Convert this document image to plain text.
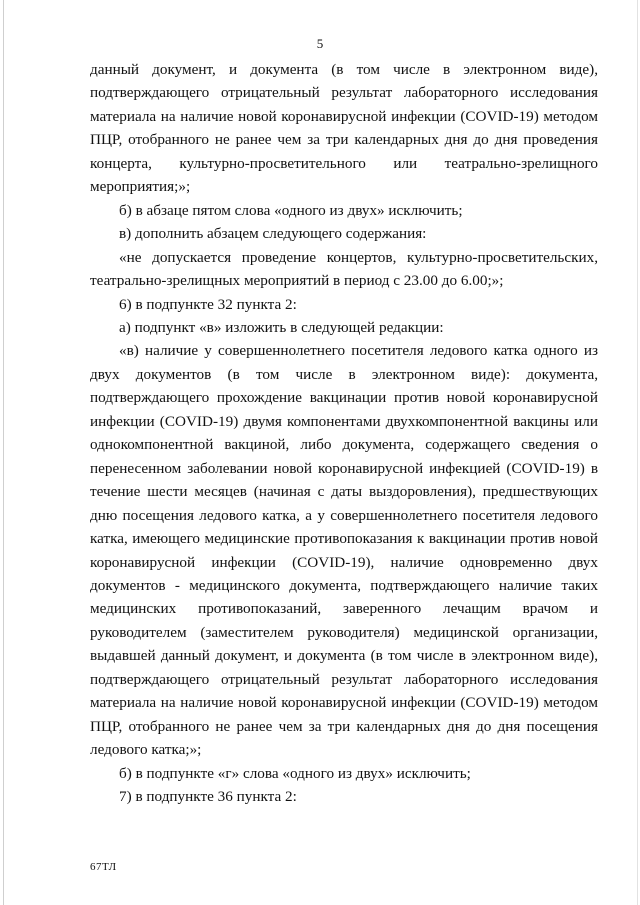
5

данный документ, и документа (в том числе в электронном виде), подтверждающего отрицательный результат лабораторного исследования материала на наличие новой коронавирусной инфекции (COVID-19) методом ПЦР, отобранного не ранее чем за три календарных дня до дня проведения концерта, культурно-просветительного или театрально-зрелищного мероприятия;»;

б) в абзаце пятом слова «одного из двух» исключить;

в) дополнить абзацем следующего содержания:

«не допускается проведение концертов, культурно-просветительских, театрально-зрелищных мероприятий в период с 23.00 до 6.00;»;

6) в подпункте 32 пункта 2:

а) подпункт «в» изложить в следующей редакции:

«в) наличие у совершеннолетнего посетителя ледового катка одного из двух документов (в том числе в электронном виде): документа, подтверждающего прохождение вакцинации против новой коронавирусной инфекции (COVID-19) двумя компонентами двухкомпонентной вакцины или однокомпонентной вакциной, либо документа, содержащего сведения о перенесенном заболевании новой коронавирусной инфекцией (COVID-19) в течение шести месяцев (начиная с даты выздоровления), предшествующих дню посещения ледового катка, а у совершеннолетнего посетителя ледового катка, имеющего медицинские противопоказания к вакцинации против новой коронавирусной инфекции (COVID-19), наличие одновременно двух документов - медицинского документа, подтверждающего наличие таких медицинских противопоказаний, заверенного лечащим врачом и руководителем (заместителем руководителя) медицинской организации, выдавшей данный документ, и документа (в том числе в электронном виде), подтверждающего отрицательный результат лабораторного исследования материала на наличие новой коронавирусной инфекции (COVID-19) методом ПЦР, отобранного не ранее чем за три календарных дня до дня посещения ледового катка;»;

б) в подпункте «г» слова «одного из двух» исключить;

7) в подпункте 36 пункта 2:

67ТЛ
